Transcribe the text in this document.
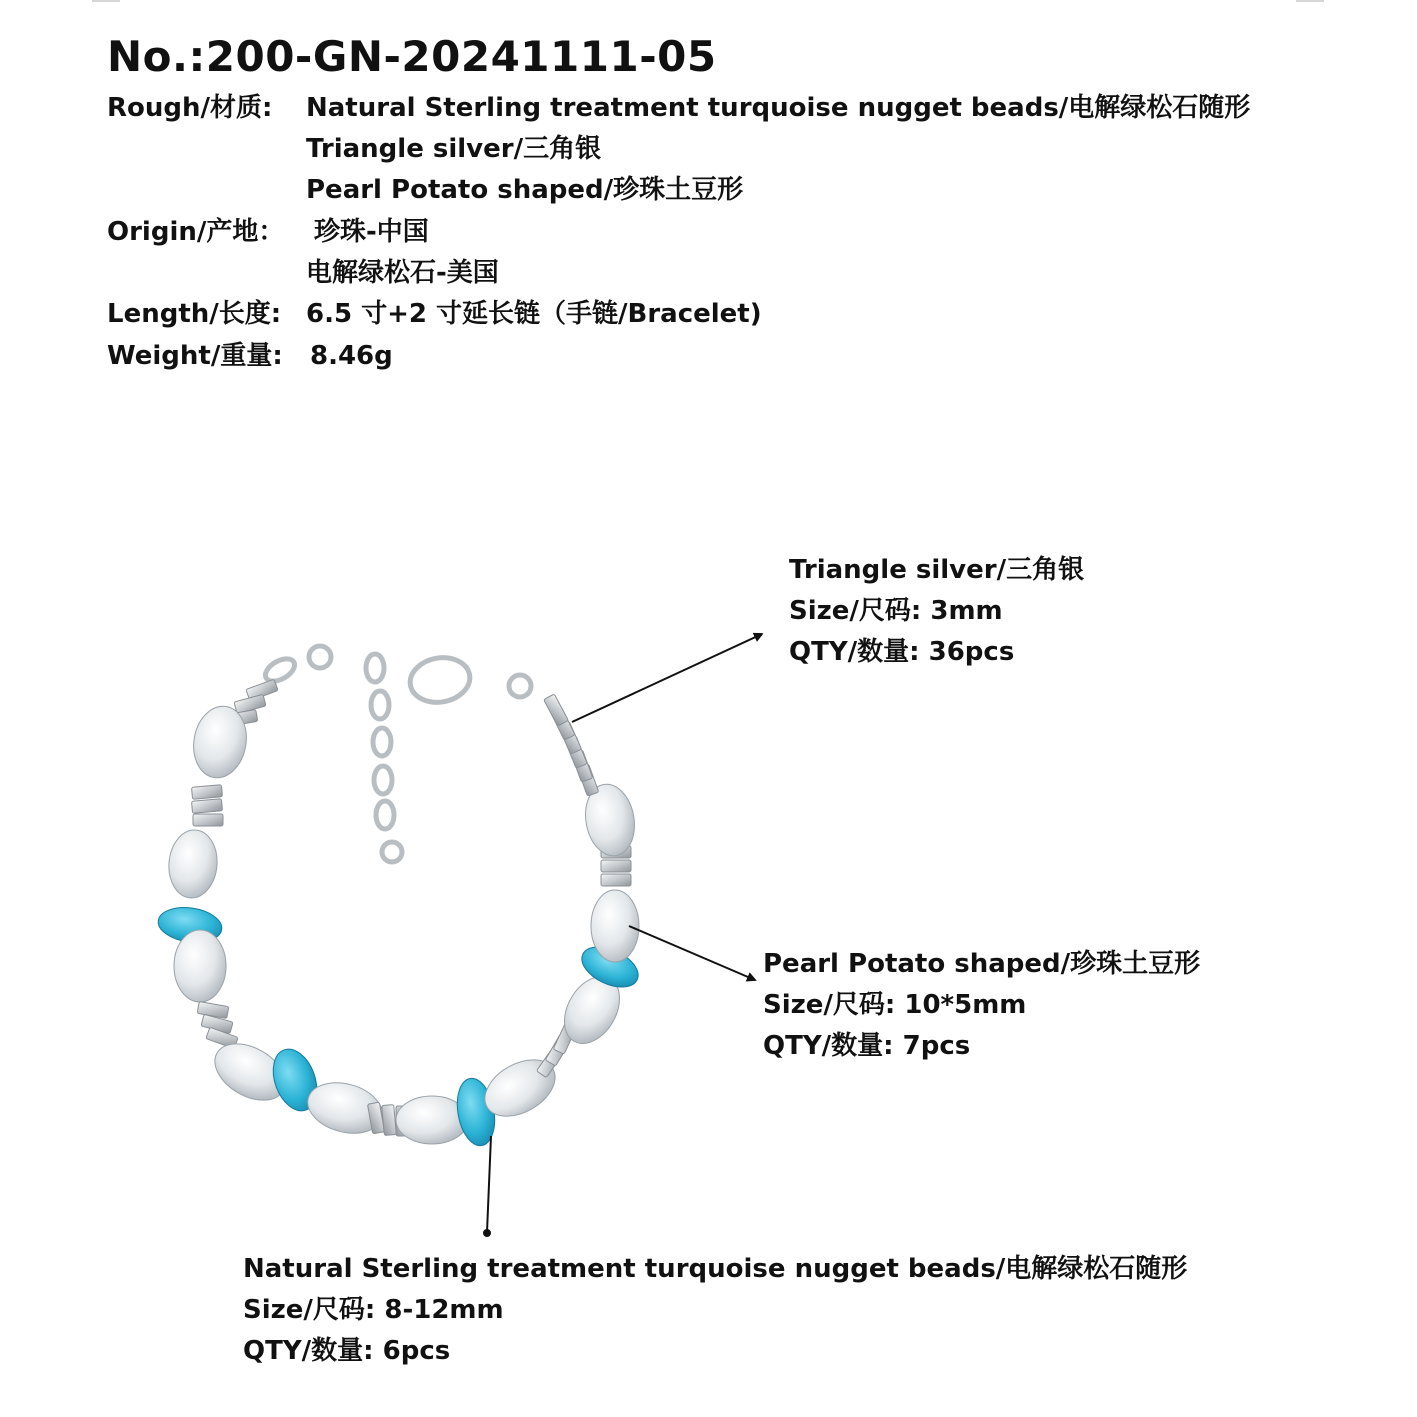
No.:200-GN-20241111-05
Rough/材质: Natural Sterling treatment turquoise nugget beads/电解绿松石随形
Triangle silver/三角银
Pearl Potato shaped/珍珠土豆形
Origin/产地： 珍珠-中国
电解绿松石-美国
Length/长度: 6.5 寸+2 寸延长链（手链/Bracelet)
Weight/重量: 8.46g
Triangle silver/三角银
Size/尺码: 3mm
QTY/数量: 36pcs
Pearl Potato shaped/珍珠土豆形
Size/尺码: 10*5mm
QTY/数量: 7pcs
Natural Sterling treatment turquoise nugget beads/电解绿松石随形
Size/尺码: 8-12mm
QTY/数量: 6pcs
